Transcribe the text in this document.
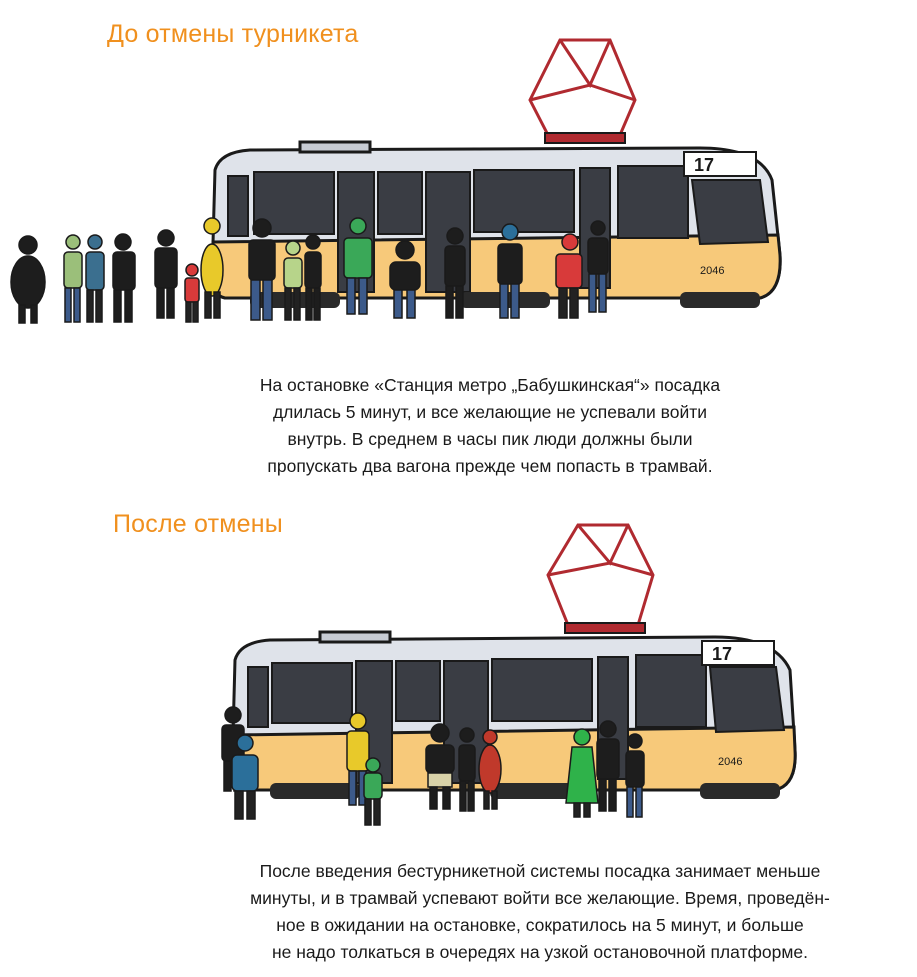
До отмены турникета
17
2046

На остановке «Станция метро „Бабушкинская“» посадка
длилась 5 минут, и все желающие не успевали войти
внутрь. В среднем в часы пик люди должны были
пропускать два вагона прежде чем попасть в трамвай.

После отмены
17
2046

После введения бестурникетной системы посадка занимает меньше
минуты, и в трамвай успевают войти все желающие. Время, проведён-
ное в ожидании на остановке, сократилось на 5 минут, и больше
не надо толкаться в очередях на узкой остановочной платформе.
